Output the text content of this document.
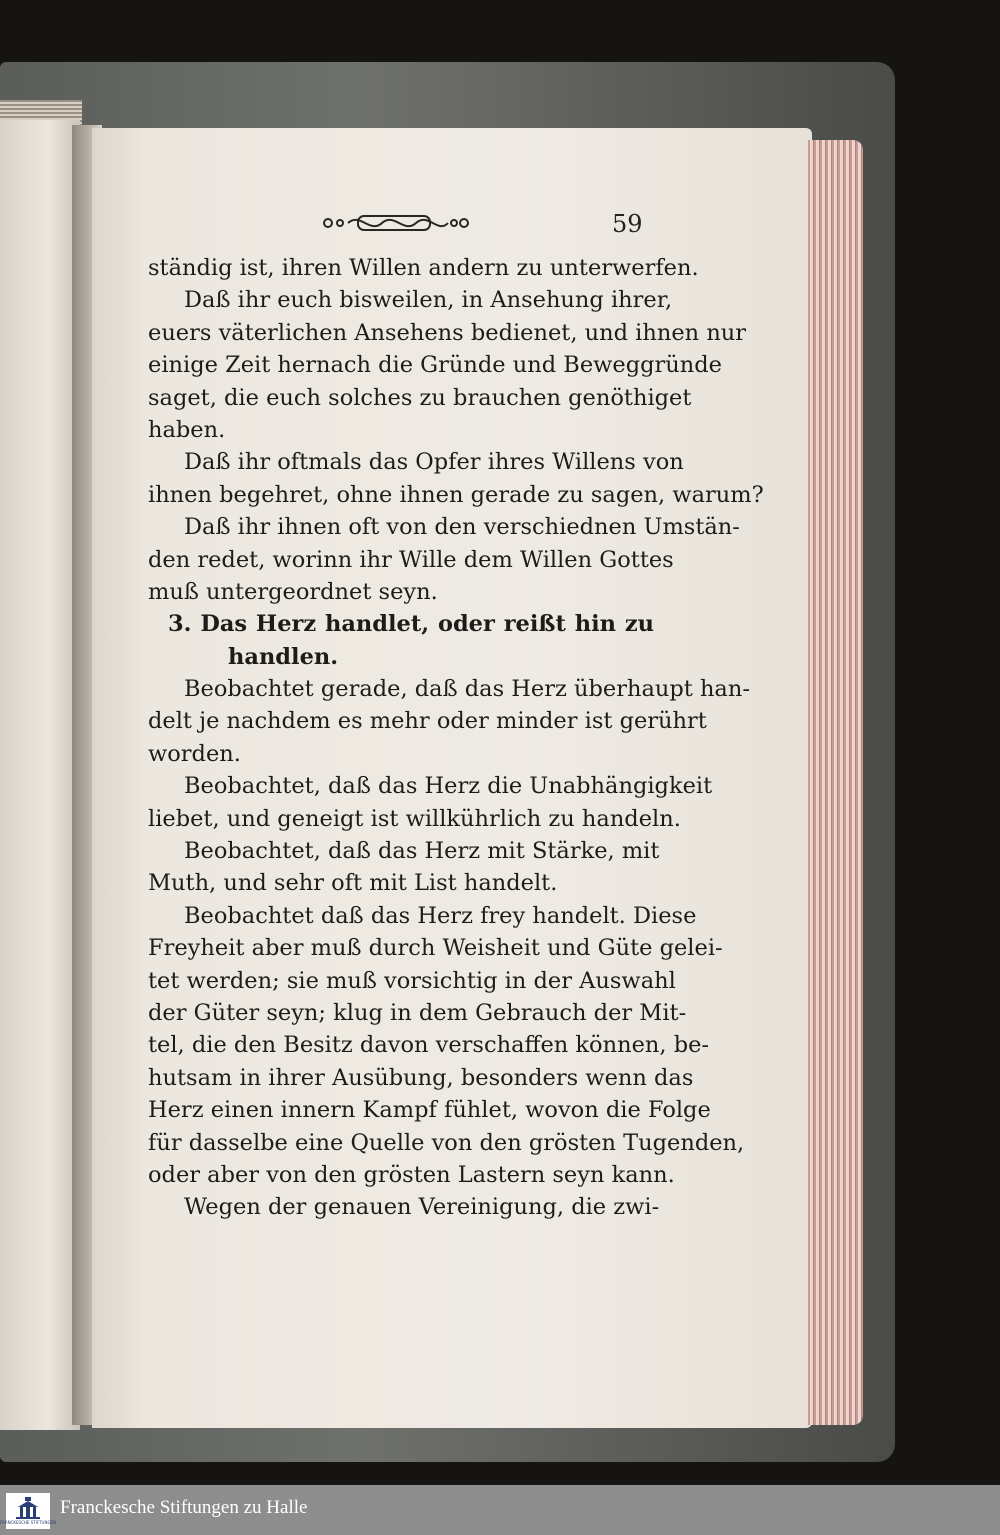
59
ständig ist, ihren Willen andern zu unterwerfen.
Daß ihr euch bisweilen, in Ansehung ihrer,
euers väterlichen Ansehens bedienet, und ihnen nur
einige Zeit hernach die Gründe und Beweggründe
saget, die euch solches zu brauchen genöthiget
haben.
Daß ihr oftmals das Opfer ihres Willens von
ihnen begehret, ohne ihnen gerade zu sagen, warum?
Daß ihr ihnen oft von den verschiednen Umstän-
den redet, worinn ihr Wille dem Willen Gottes
muß untergeordnet seyn.
3. Das Herz handlet, oder reißt hin zu
handlen.
Beobachtet gerade, daß das Herz überhaupt han-
delt je nachdem es mehr oder minder ist gerührt
worden.
Beobachtet, daß das Herz die Unabhängigkeit
liebet, und geneigt ist willkührlich zu handeln.
Beobachtet, daß das Herz mit Stärke, mit
Muth, und sehr oft mit List handelt.
Beobachtet daß das Herz frey handelt. Diese
Freyheit aber muß durch Weisheit und Güte gelei-
tet werden; sie muß vorsichtig in der Auswahl
der Güter seyn; klug in dem Gebrauch der Mit-
tel, die den Besitz davon verschaffen können, be-
hutsam in ihrer Ausübung, besonders wenn das
Herz einen innern Kampf fühlet, wovon die Folge
für dasselbe eine Quelle von den grösten Tugenden,
oder aber von den grösten Lastern seyn kann.
Wegen der genauen Vereinigung, die zwi-
FRANCKESCHE STIFTUNGEN
Franckesche Stiftungen zu Halle
